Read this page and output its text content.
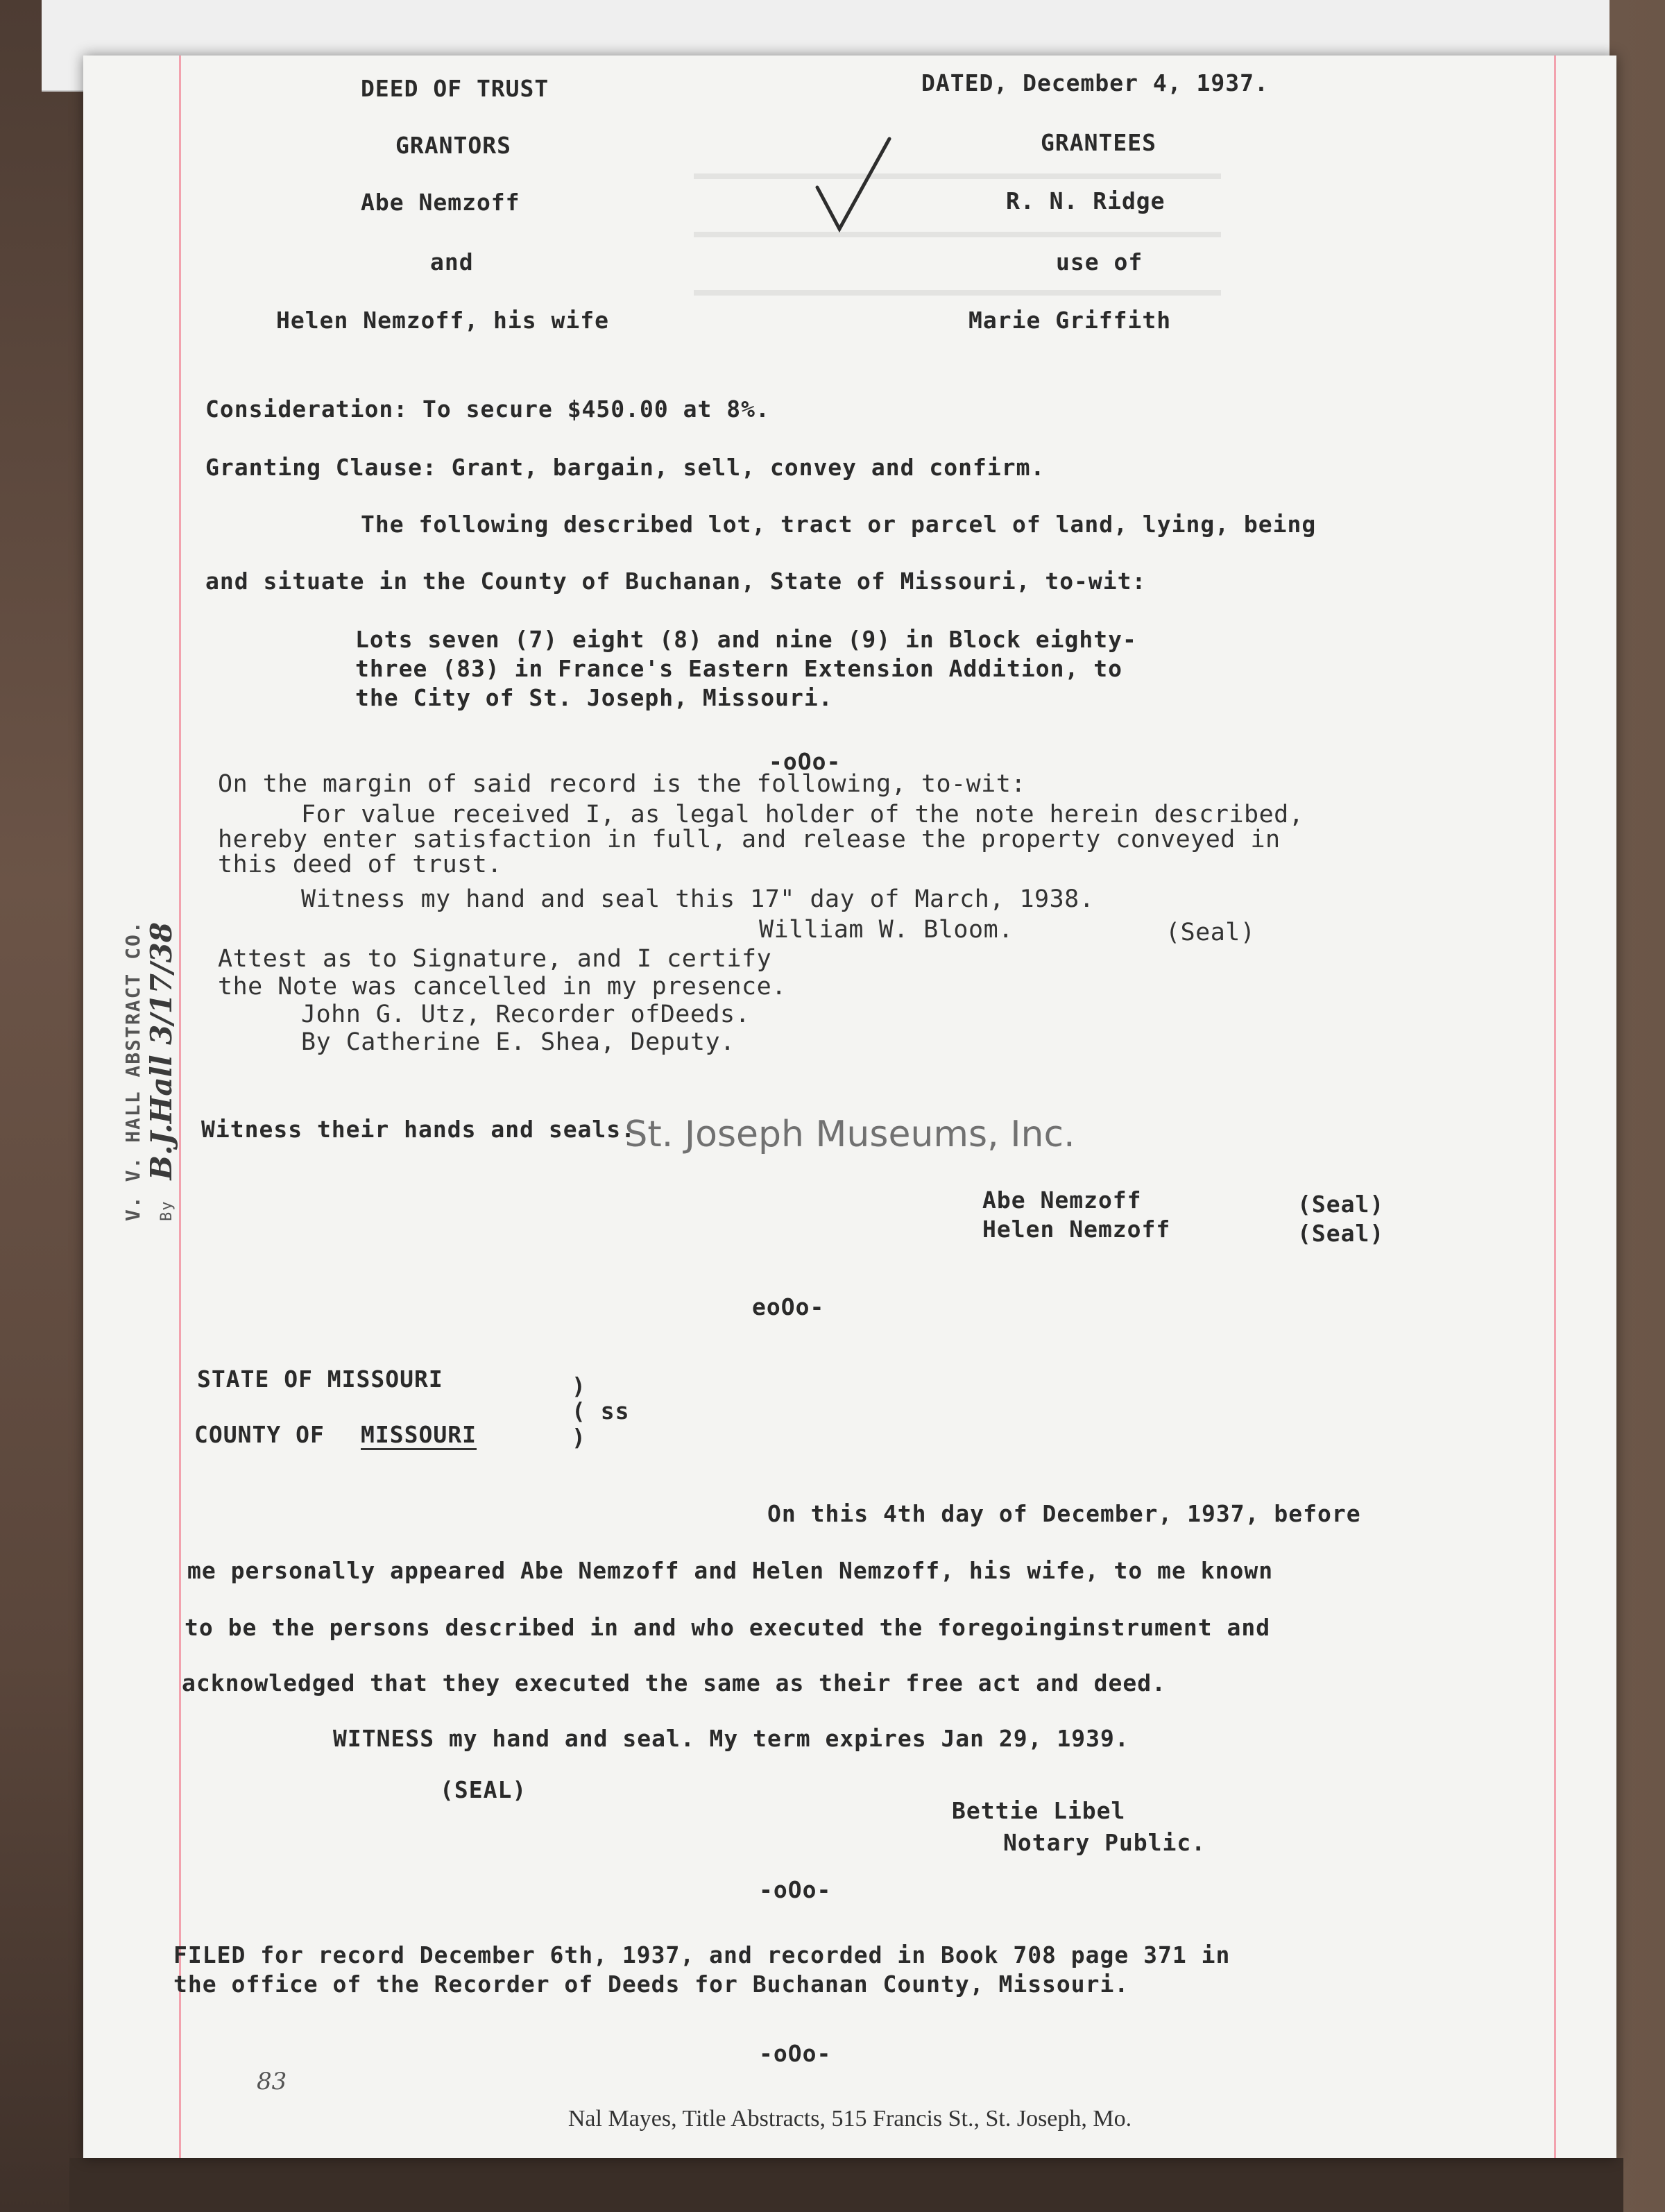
DEED OF TRUST	DATED, December 4, 1937.
GRANTORS	GRANTEES
Abe Nemzoff	R. N. Ridge
and	use of
Helen Nemzoff, his wife	Marie Griffith
Consideration: To secure $450.00 at 8%.
Granting Clause: Grant, bargain, sell, convey and confirm.
The following described lot, tract or parcel of land, lying, being
and situate in the County of Buchanan, State of Missouri, to-wit:
Lots seven (7) eight (8) and nine (9) in Block eighty-
three (83) in France's Eastern Extension Addition, to
the City of St. Joseph, Missouri.
-oOo-
On the margin of said record is the following, to-wit:
For value received I, as legal holder of the note herein described,
hereby enter satisfaction in full, and release the property conveyed in
this deed of trust.
Witness my hand and seal this 17" day of March, 1938.
William W. Bloom.	(Seal)
Attest as to Signature, and I certify
the Note was cancelled in my presence.
John G. Utz, Recorder ofDeeds.
By Catherine E. Shea, Deputy.
Witness their hands and seals.
St. Joseph Museums, Inc.
Abe Nemzoff	(Seal)
Helen Nemzoff	(Seal)
eoOo-
STATE OF MISSOURI	)
( ss
)
COUNTY OF MISSOURI
On this 4th day of December, 1937, before
me personally appeared Abe Nemzoff and Helen Nemzoff, his wife, to me known
to be the persons described in and who executed the foregoinginstrument and
acknowledged that they executed the same as their free act and deed.
WITNESS my hand and seal. My term expires Jan 29, 1939.
(SEAL)
Bettie Libel
Notary Public.
-oOo-
FILED for record December 6th, 1937, and recorded in Book 708 page 371 in
the office of the Recorder of Deeds for Buchanan County, Missouri.
-oOo-
83
Nal Mayes, Title Abstracts, 515 Francis St., St. Joseph, Mo.
V. V. HALL ABSTRACT CO. By B.J.Hall 3/17/38
